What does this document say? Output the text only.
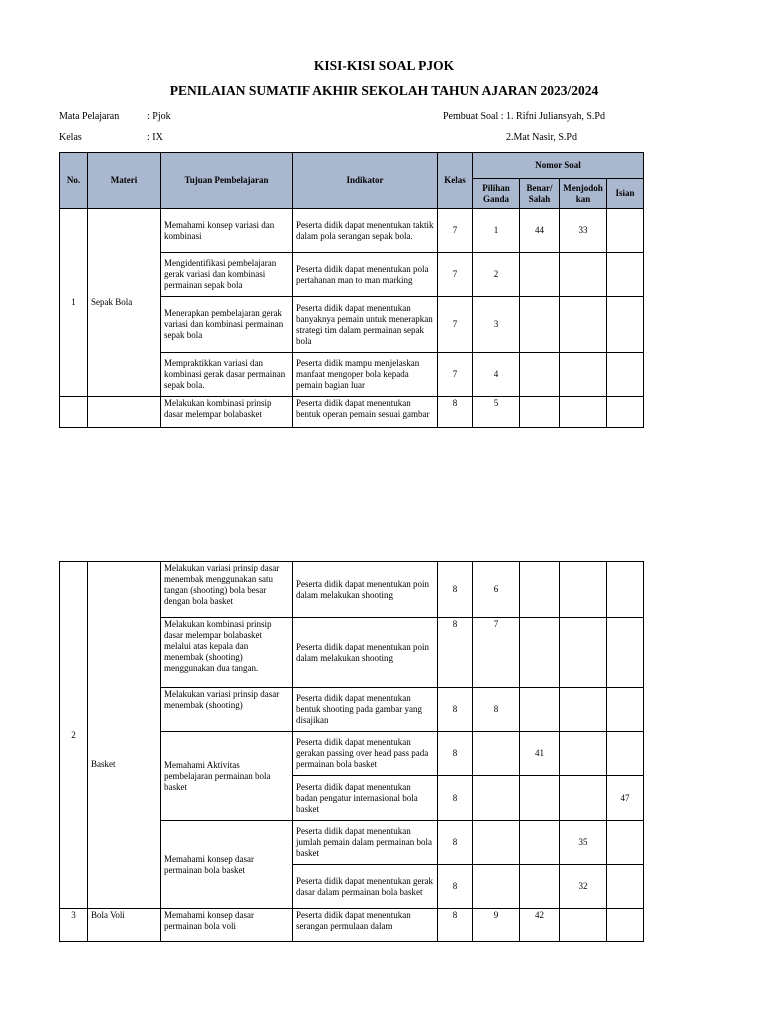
KISI-KISI SOAL PJOK
PENILAIAN SUMATIF AKHIR SEKOLAH TAHUN AJARAN 2023/2024
Mata Pelajaran	: Pjok
Kelas	: IX
Pembuat Soal : 1. Rifni Juliansyah, S.Pd
2.Mat Nasir, S.Pd
No.	Materi	Tujuan Pembelajaran	Indikator	Kelas	Nomor Soal			
					Pilihan Ganda	Benar/ Salah	Menjodoh kan	Isian
1	Sepak Bola	Memahami konsep variasi dan kombinasi	Peserta didik dapat menentukan taktik dalam pola serangan sepak bola.	7	1	44	33	
		Mengidentifikasi pembelajaran gerak variasi dan kombinasi permainan sepak bola	Peserta didik dapat menentukan pola pertahanan man to man marking	7	2			
		Menerapkan pembelajaran gerak variasi dan kombinasi permainan sepak bola	Peserta didik dapat menentukan banyaknya pemain untuk menerapkan strategi tim dalam permainan sepak bola	7	3			
		Mempraktikkan variasi dan kombinasi gerak dasar permainan sepak bola.	Peserta didik mampu menjelaskan manfaat mengoper bola kepada pemain bagian luar	7	4			
		Melakukan kombinasi prinsip dasar melempar bolabasket	Peserta didik dapat menentukan bentuk operan pemain sesuai gambar	8	5			
2	Basket	Melakukan variasi prinsip dasar menembak menggunakan satu tangan (shooting) bola besar dengan bola basket	Peserta didik dapat menentukan poin dalam melakukan shooting	8	6			
		Melakukan kombinasi prinsip dasar melempar bolabasket melalui atas kepala dan menembak (shooting) menggunakan dua tangan.	Peserta didik dapat menentukan poin dalam melakukan shooting	8	7			
		Melakukan variasi prinsip dasar menembak (shooting)	Peserta didik dapat menentukan bentuk shooting pada gambar yang disajikan	8	8			
		Memahami Aktivitas pembelajaran permainan bola basket	Peserta didik dapat menentukan gerakan passing over head pass pada permainan bola basket	8		41		
			Peserta didik dapat menentukan badan pengatur internasional bola basket	8				47
		Memahami konsep dasar permainan bola basket	Peserta didik dapat menentukan jumlah pemain dalam permainan bola basket	8			35	
			Peserta didik dapat menentukan gerak dasar dalam permainan bola basket	8			32	
3	Bola Voli	Memahami konsep dasar permainan bola voli	Peserta didik dapat menentukan serangan permulaan dalam	8	9	42		
